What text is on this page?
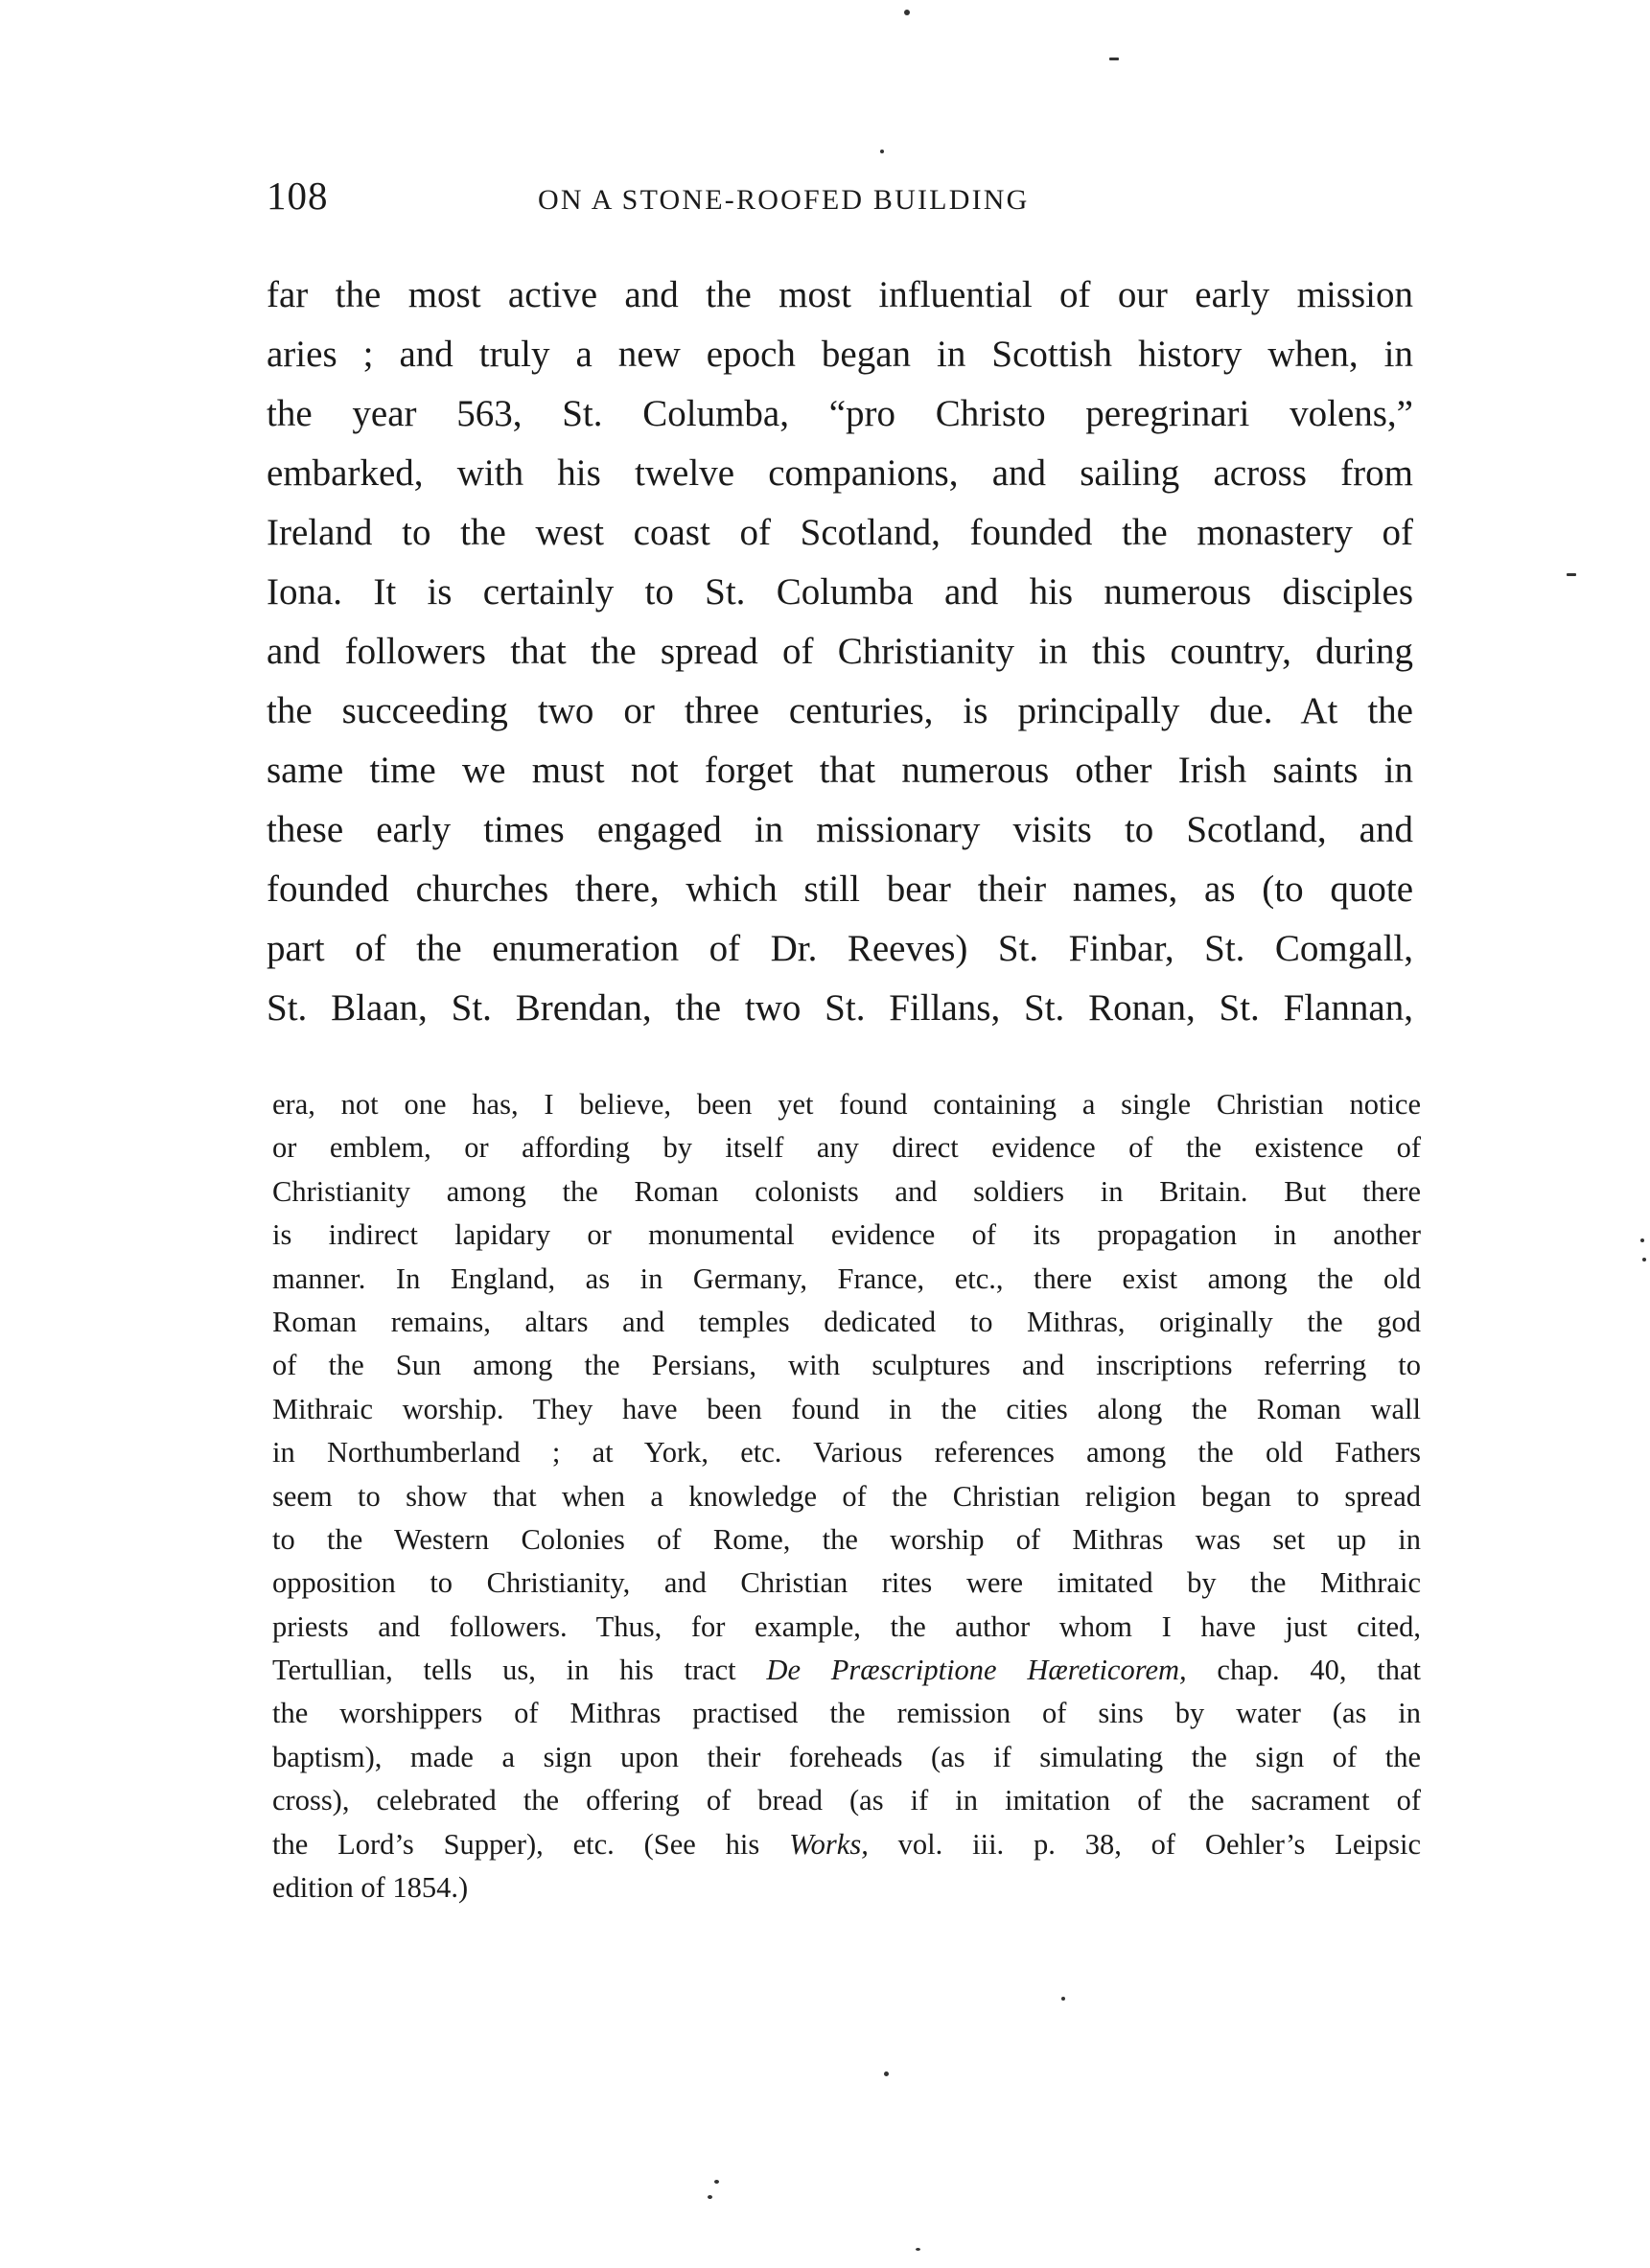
108	ON A STONE-ROOFED BUILDING
far the most active and the most influential of our early mission
aries ; and truly a new epoch began in Scottish history when, in
the year 563, St. Columba, “pro Christo peregrinari volens,”
embarked, with his twelve companions, and sailing across from
Ireland to the west coast of Scotland, founded the monastery of
Iona. It is certainly to St. Columba and his numerous disciples
and followers that the spread of Christianity in this country, during
the succeeding two or three centuries, is principally due. At the
same time we must not forget that numerous other Irish saints in
these early times engaged in missionary visits to Scotland, and
founded churches there, which still bear their names, as (to quote
part of the enumeration of Dr. Reeves) St. Finbar, St. Comgall,
St. Blaan, St. Brendan, the two St. Fillans, St. Ronan, St. Flannan,
era, not one has, I believe, been yet found containing a single Christian notice
or emblem, or affording by itself any direct evidence of the existence of
Christianity among the Roman colonists and soldiers in Britain. But there
is indirect lapidary or monumental evidence of its propagation in another
manner. In England, as in Germany, France, etc., there exist among the old
Roman remains, altars and temples dedicated to Mithras, originally the god
of the Sun among the Persians, with sculptures and inscriptions referring to
Mithraic worship. They have been found in the cities along the Roman wall
in Northumberland ; at York, etc. Various references among the old Fathers
seem to show that when a knowledge of the Christian religion began to spread
to the Western Colonies of Rome, the worship of Mithras was set up in
opposition to Christianity, and Christian rites were imitated by the Mithraic
priests and followers. Thus, for example, the author whom I have just cited,
Tertullian, tells us, in his tract De Præscriptione Hæreticorem, chap. 40, that
the worshippers of Mithras practised the remission of sins by water (as in
baptism), made a sign upon their foreheads (as if simulating the sign of the
cross), celebrated the offering of bread (as if in imitation of the sacrament of
the Lord’s Supper), etc. (See his Works, vol. iii. p. 38, of Oehler’s Leipsic
edition of 1854.)
